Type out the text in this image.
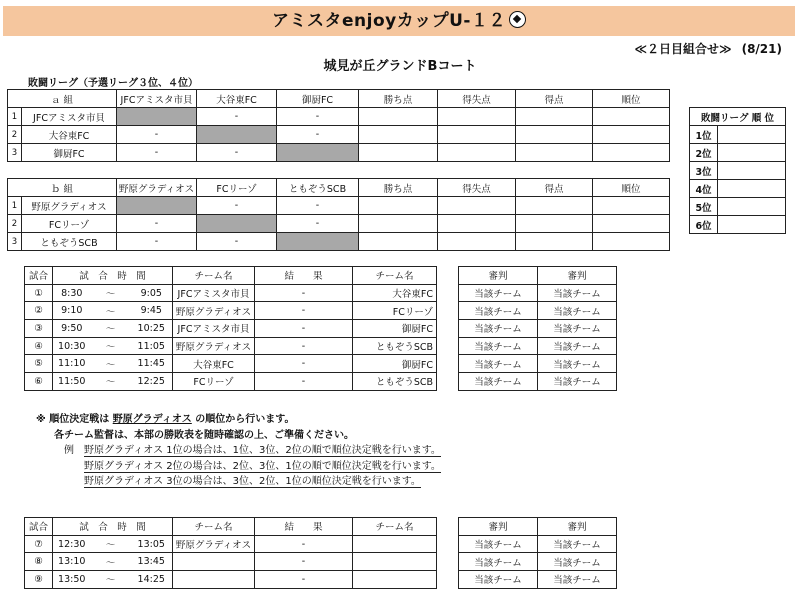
アミスタenjoyカップU-１２
≪２日目組合せ≫ (8/21)
城見が丘グランドBコート
敗闘リーグ（予選リーグ３位、４位）
ａ 組		JFCアミスタ市貝	大谷東FC	御厨FC	勝ち点	得失点	得点	順位
1	JFCアミスタ市貝		-	-				
2	大谷東FC	-		-				
3	御厨FC	-	-					
ｂ 組		野原グラディオス	FCリーゾ	ともぞうSCB	勝ち点	得失点	得点	順位
1	野原グラディオス		-	-				
2	FCリーゾ	-		-				
3	ともぞうSCB	-	-					
敗闘リーグ 順 位	
1位	
2位	
3位	
4位	
5位	
6位	
試合	試　合　時　間			チーム名	結　　果	チーム名
①	8:30	〜	9:05	JFCアミスタ市貝	-	大谷東FC
②	9:10	〜	9:45	野原グラディオス	-	FCリーゾ
③	9:50	〜	10:25	JFCアミスタ市貝	-	御厨FC
④	10:30	〜	11:05	野原グラディオス	-	ともぞうSCB
⑤	11:10	〜	11:45	大谷東FC	-	御厨FC
⑥	11:50	〜	12:25	FCリーゾ	-	ともぞうSCB
審判	審判
当該チーム	当該チーム
当該チーム	当該チーム
当該チーム	当該チーム
当該チーム	当該チーム
当該チーム	当該チーム
当該チーム	当該チーム
※ 順位決定戦は 野原グラディオス の順位から行います。
各チーム監督は、本部の勝敗表を随時確認の上、ご準備ください。
例　 野原グラディオス 1位の場合は、1位、3位、2位の順で順位決定戦を行います。
野原グラディオス 2位の場合は、2位、3位、1位の順で順位決定戦を行います。
野原グラディオス 3位の場合は、3位、2位、1位の順位決定戦を行います。
試合	試　合　時　間			チーム名	結　　果	チーム名
⑦	12:30	〜	13:05	野原グラディオス	-	
⑧	13:10	〜	13:45		-	
⑨	13:50	〜	14:25		-	
審判	審判
当該チーム	当該チーム
当該チーム	当該チーム
当該チーム	当該チーム
